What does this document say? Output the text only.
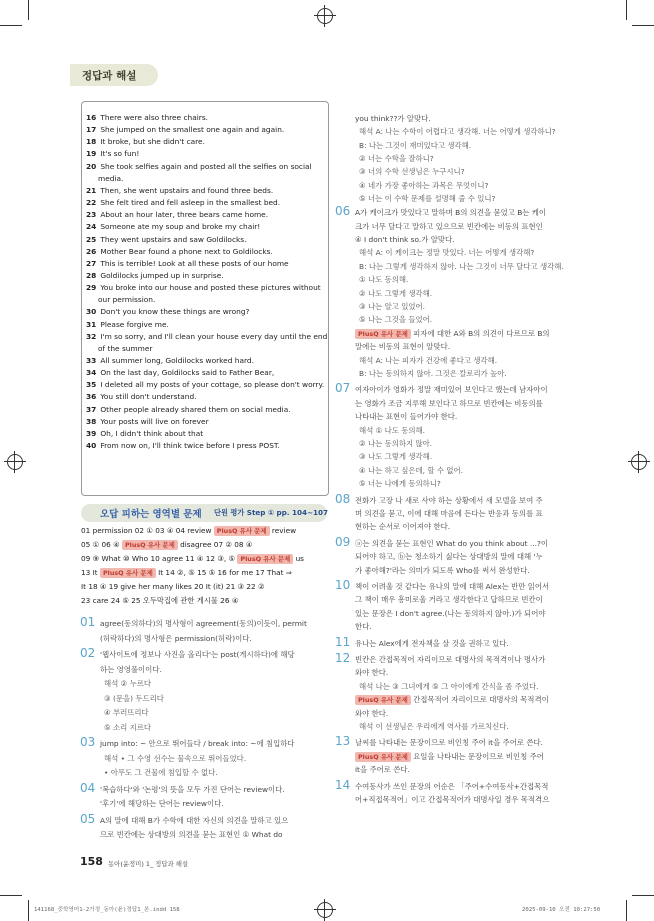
정답과 해설
16 There were also three chairs.
17 She jumped on the smallest one again and again.
18 It broke, but she didn't care.
19 It's so fun!
20 She took selfies again and posted all the selfies on social
media.
21 Then, she went upstairs and found three beds.
22 She felt tired and fell asleep in the smallest bed.
23 About an hour later, three bears came home.
24 Someone ate my soup and broke my chair!
25 They went upstairs and saw Goldilocks.
26 Mother Bear found a phone next to Goldilocks.
27 This is terrible! Look at all these posts of our home
28 Goldilocks jumped up in surprise.
29 You broke into our house and posted these pictures without
our permission.
30 Don't you know these things are wrong?
31 Please forgive me.
32 I'm so sorry, and I'll clean your house every day until the end
of the summer
33 All summer long, Goldilocks worked hard.
34 On the last day, Goldilocks said to Father Bear,
35 I deleted all my posts of your cottage, so please don't worry.
36 You still don't understand.
37 Other people already shared them on social media.
38 Your posts will live on forever
39 Oh, I didn't think about that
40 From now on, I'll think twice before I press POST.
오답 피하는 영역별 문제 단원 평가 Step ① pp. 104~107
01 permission 02 ① 03 ④ 04 review PlusQ 유사 문제 review
05 ① 06 ④ PlusQ 유사 문제 disagree 07 ② 08 ④
09 ⑨ What ⑩ Who 10 agree 11 ④ 12 ③, ⑤ PlusQ 유사 문제 us
13 It PlusQ 유사 문제 It 14 ②, ⑤ 15 ⑤ 16 for me 17 That ⇒
It 18 ④ 19 give her many likes 20 It (it) 21 ③ 22 ②
23 care 24 ⑤ 25 오두막집에 관한 게시물 26 ④
01 agree(동의하다)의 명사형이 agreement(동의)이듯이, permit
(허락하다)의 명사형은 permission(허락)이다.
02 '웹사이트에 정보나 사진을 올리다'는 post(게시하다)에 해당
하는 영영풀이이다.
해석 ② 누르다
③ (문을) 두드리다
④ 부러뜨리다
⑤ 소리 지르다
03 jump into: ~ 안으로 뛰어들다 / break into: ~에 침입하다
해석 • 그 수영 선수는 물속으로 뛰어들었다.
• 아무도 그 건물에 침입할 수 없다.
04 '복습하다'와 '논평'의 뜻을 모두 가진 단어는 review이다.
'후기'에 해당하는 단어는 review이다.
05 A의 말에 대해 B가 수학에 대한 자신의 의견을 말하고 있으
므로 빈칸에는 상대방의 의견을 묻는 표현인 ① What do
you think??가 알맞다.
해석 A: 나는 수학이 어렵다고 생각해. 너는 어떻게 생각하니?
B: 나는 그것이 재미있다고 생각해.
② 너는 수학을 잘하니?
③ 너의 수학 선생님은 누구시니?
④ 네가 가장 좋아하는 과목은 무엇이니?
⑤ 너는 이 수학 문제를 설명해 줄 수 있니?
06 A가 케이크가 맛있다고 말하며 B의 의견을 묻었고 B는 케이
크가 너무 달다고 말하고 있으므로 빈칸에는 비동의 표현인
④ I don't think so.가 알맞다.
해석 A: 이 케이크는 정말 맛있다. 너는 어떻게 생각해?
B: 나는 그렇게 생각하지 않아. 나는 그것이 너무 달다고 생각해.
① 나도 동의해.
② 나도 그렇게 생각해.
③ 나는 알고 있었어.
⑤ 나는 그것을 들었어.
PlusQ 유사 문제 피자에 대한 A와 B의 의견이 다르므로 B의
말에는 비동의 표현이 알맞다.
해석 A: 나는 피자가 건강에 좋다고 생각해.
B: 나는 동의하지 않아. 그것은 칼로리가 높아.
07 여자아이가 영화가 정말 재미있어 보인다고 했는데 남자아이
는 영화가 조금 지루해 보인다고 하므로 빈칸에는 비동의를
나타내는 표현이 들어가야 한다.
해석 ① 나도 동의해.
② 나는 동의하지 않아.
③ 나도 그렇게 생각해.
④ 나는 하고 싶은데, 할 수 없어.
⑤ 너는 나에게 동의하니?
08 전화가 고장 나 새로 사야 하는 상황에서 새 모델을 보여 주
며 의견을 묻고, 이에 대해 마음에 든다는 반응과 동의를 표
현하는 순서로 이어져야 한다.
09 ⓐ는 의견을 묻는 표현인 What do you think about ...?이
되어야 하고, ⓑ는 청소하기 싫다는 상대방의 말에 대해 '누
가 좋아해?'라는 의미가 되도록 Who를 써서 완성한다.
10 책이 어려울 것 같다는 유나의 말에 대해 Alex는 반만 읽어서
그 책이 매우 흥미로울 거라고 생각한다고 답하므로 빈칸이
있는 문장은 I don't agree.(나는 동의하지 않아.)가 되어야
한다.
11 유나는 Alex에게 전자책을 살 것을 권하고 있다.
12 빈칸은 간접목적어 자리이므로 대명사의 목적격이나 명사가
와야 한다.
해석 나는 ③ 그녀에게 ⑤ 그 아이에게 간식을 좀 주었다.
PlusQ 유사 문제 간접목적어 자리이므로 대명사의 목적격이
와야 한다.
해석 이 선생님은 우리에게 역사를 가르치신다.
13 날씨를 나타내는 문장이므로 비인칭 주어 it을 주어로 쓴다.
PlusQ 유사 문제 요일을 나타내는 문장이므로 비인칭 주어
it을 주어로 쓴다.
14 수여동사가 쓰인 문장의 어순은 「주어+수여동사+간접목적
어+직접목적어」이고 간접목적어가 대명사일 경우 목적격으
158 동아(윤정미) 1_ 정답과 해설
141168_중학영어1-2가정_동아(윤)정답1_본.indd 158	2025-09-10 오전 10:27:50
